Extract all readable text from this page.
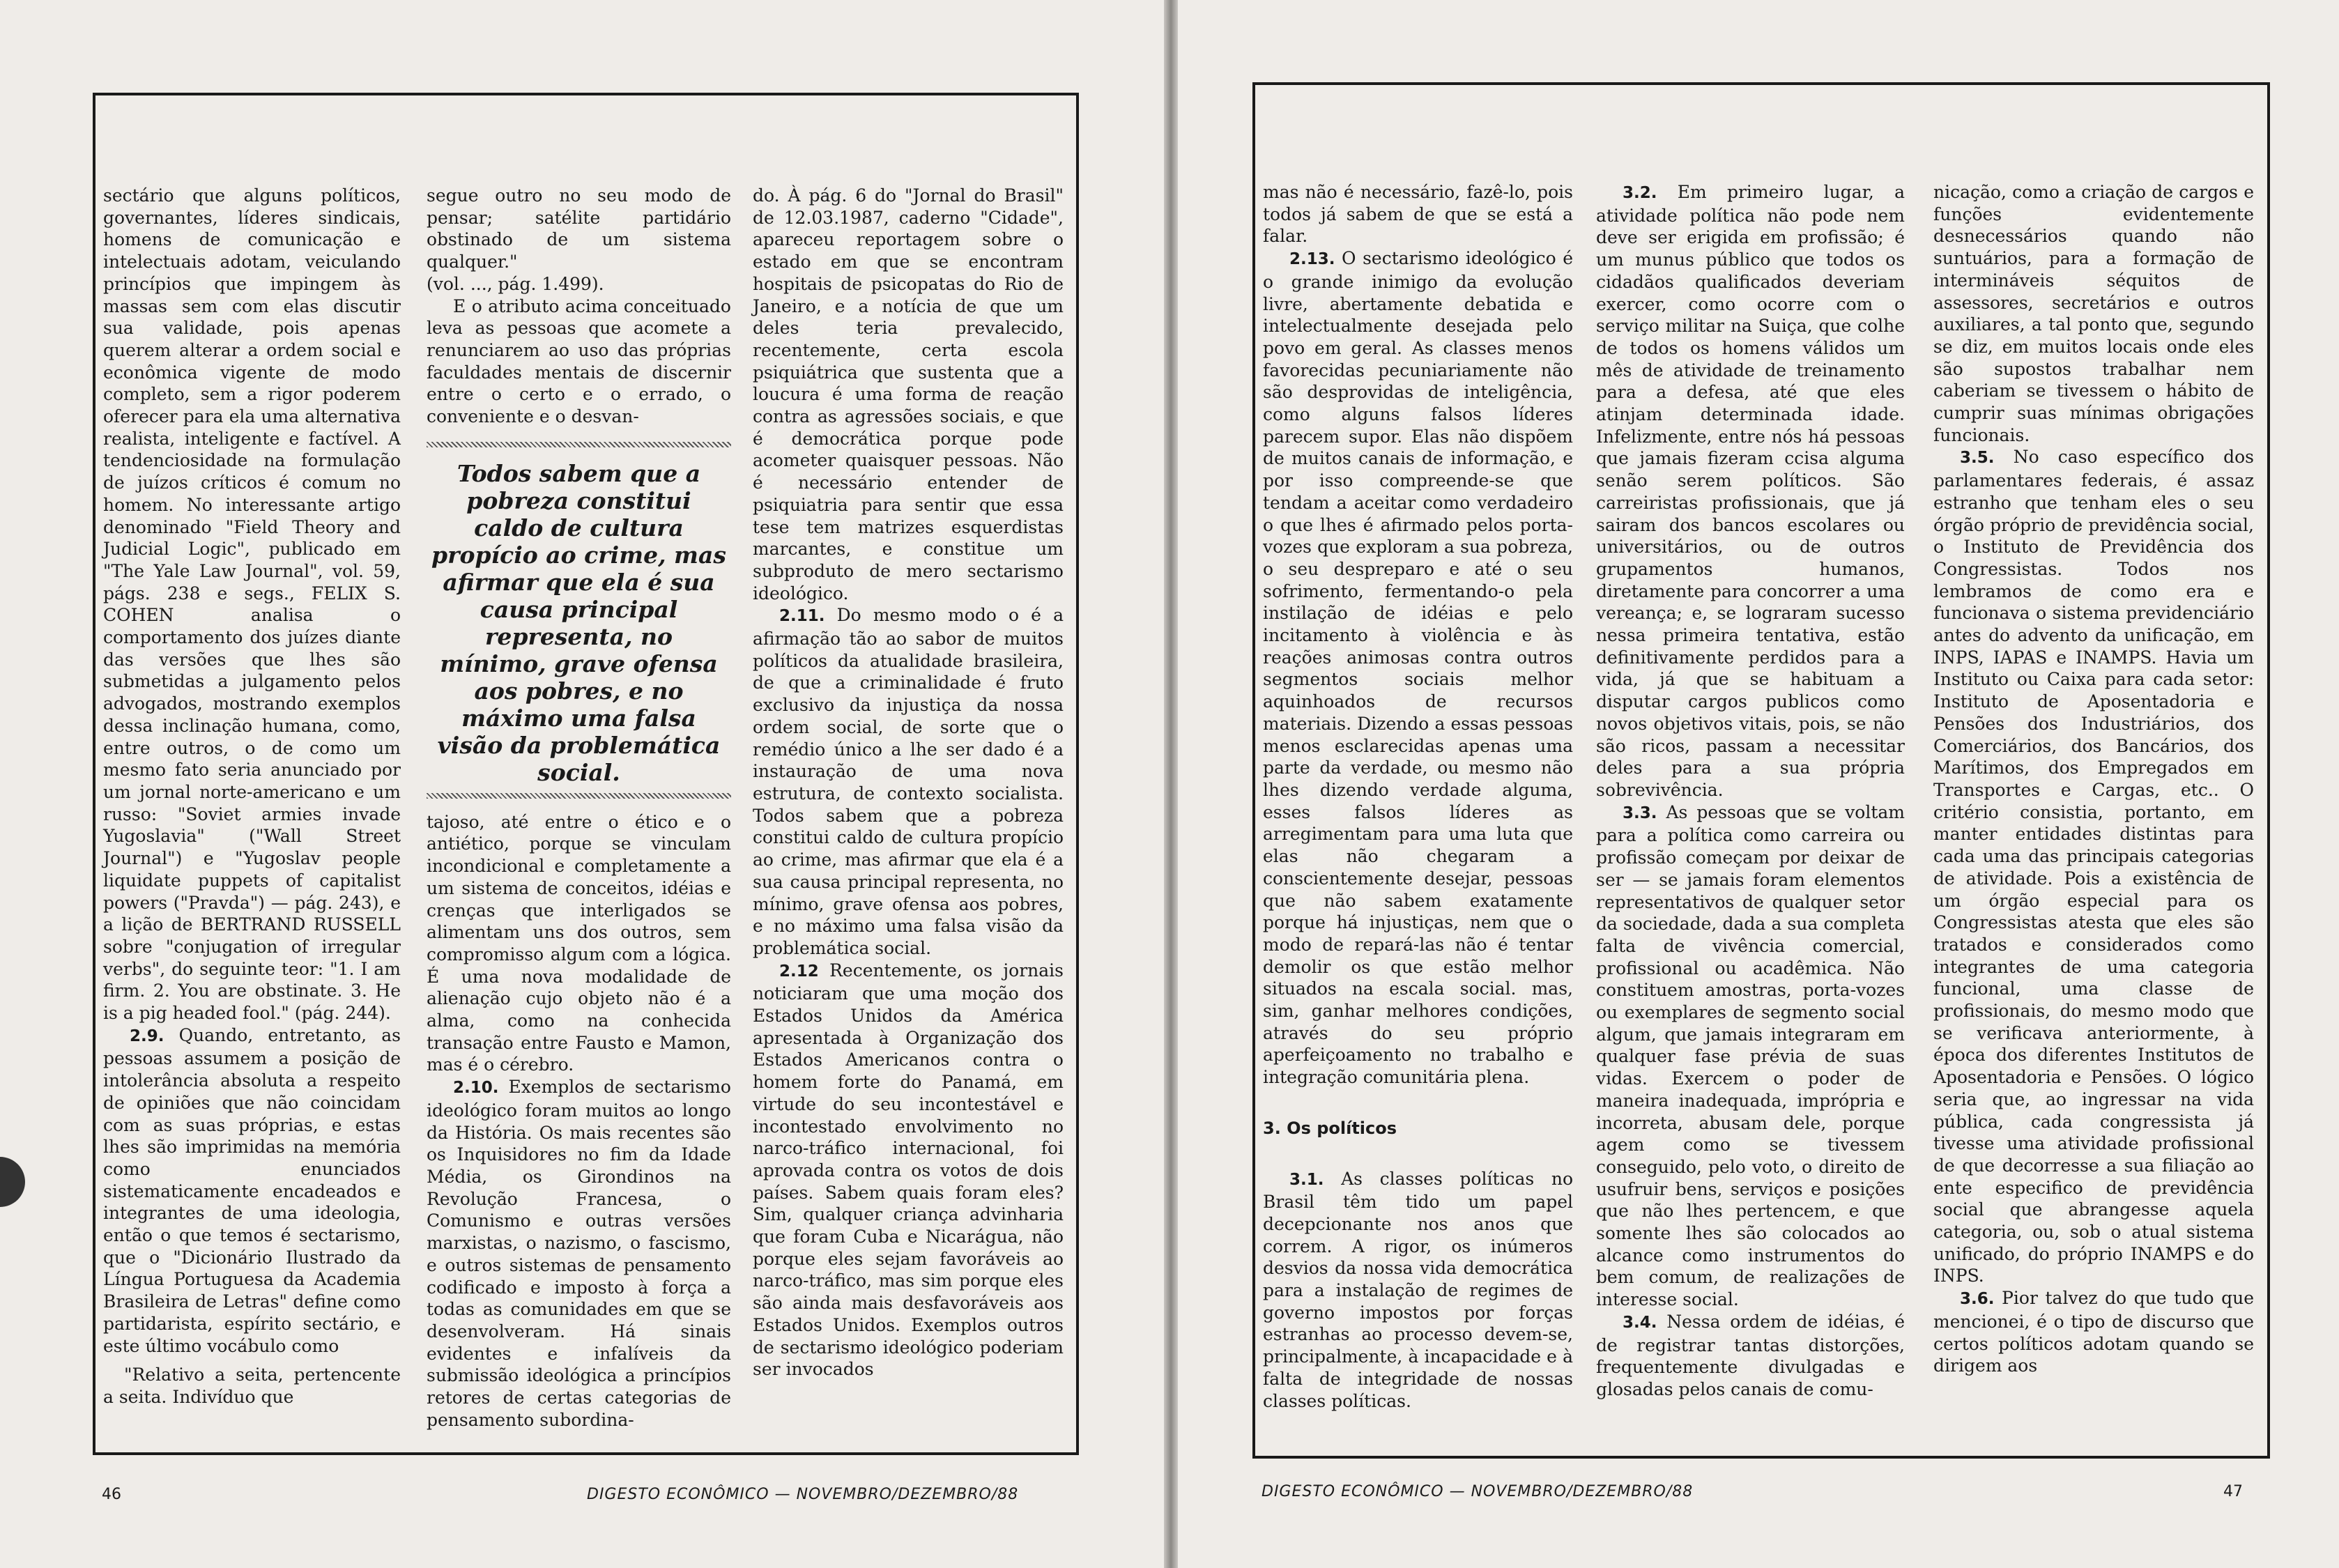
sectário que alguns políticos, governantes, líderes sindicais, homens de comunicação e intelectuais adotam, veiculando princípios que impingem às massas sem com elas discutir sua validade, pois apenas querem alterar a ordem social e econômica vigente de modo completo, sem a rigor poderem oferecer para ela uma alternativa realista, inteligente e factível. A tendenciosidade na formulação de juízos críticos é comum no homem. No interessante artigo denominado "Field Theory and Judicial Logic", publicado em "The Yale Law Journal", vol. 59, págs. 238 e segs., FELIX S. COHEN analisa o comportamento dos juízes diante das versões que lhes são submetidas a julgamento pelos advogados, mostrando exemplos dessa inclinação humana, como, entre outros, o de como um mesmo fato seria anunciado por um jornal norte-americano e um russo: "Soviet armies invade Yugoslavia" ("Wall Street Journal") e "Yugoslav people liquidate puppets of capitalist powers ("Pravda") — pág. 243), e a lição de BERTRAND RUSSELL sobre "conjugation of irregular verbs", do seguinte teor: "1. I am firm. 2. You are obstinate. 3. He is a pig headed fool." (pág. 244).

2.9. Quando, entretanto, as pessoas assumem a posição de intolerância absoluta a respeito de opiniões que não coincidam com as suas próprias, e estas lhes são imprimidas na memória como enunciados sistematicamente encadeados e integrantes de uma ideologia, então o que temos é sectarismo, que o "Dicionário Ilustrado da Língua Portuguesa da Academia Brasileira de Letras" define como partidarista, espírito sectário, e este último vocábulo como

"Relativo a seita, pertencente a seita. Indivíduo que

segue outro no seu modo de pensar; satélite partidário obstinado de um sistema qualquer."

(vol. ..., pág. 1.499).

E o atributo acima conceituado leva as pessoas que acomete a renunciarem ao uso das próprias faculdades mentais de discernir entre o certo e o errado, o conveniente e o desvan-

Todos sabem que a pobreza constitui caldo de cultura propício ao crime, mas afirmar que ela é sua causa principal representa, no mínimo, grave ofensa aos pobres, e no máximo uma falsa visão da problemática social.

tajoso, até entre o ético e o antiético, porque se vinculam incondicional e completamente a um sistema de conceitos, idéias e crenças que interligados se alimentam uns dos outros, sem compromisso algum com a lógica. É uma nova modalidade de alienação cujo objeto não é a alma, como na conhecida transação entre Fausto e Mamon, mas é o cérebro.

2.10. Exemplos de sectarismo ideológico foram muitos ao longo da História. Os mais recentes são os Inquisidores no fim da Idade Média, os Girondinos na Revolução Francesa, o Comunismo e outras versões marxistas, o nazismo, o fascismo, e outros sistemas de pensamento codificado e imposto à força a todas as comunidades em que se desenvolveram. Há sinais evidentes e infalíveis da submissão ideológica a princípios retores de certas categorias de pensamento subordina-

do. À pág. 6 do "Jornal do Brasil" de 12.03.1987, caderno "Cidade", apareceu reportagem sobre o estado em que se encontram hospitais de psicopatas do Rio de Janeiro, e a notícia de que um deles teria prevalecido, recentemente, certa escola psiquiátrica que sustenta que a loucura é uma forma de reação contra as agressões sociais, e que é democrática porque pode acometer quaisquer pessoas. Não é necessário entender de psiquiatria para sentir que essa tese tem matrizes esquerdistas marcantes, e constitue um subproduto de mero sectarismo ideológico.

2.11. Do mesmo modo o é a afirmação tão ao sabor de muitos políticos da atualidade brasileira, de que a criminalidade é fruto exclusivo da injustiça da nossa ordem social, de sorte que o remédio único a lhe ser dado é a instauração de uma nova estrutura, de contexto socialista. Todos sabem que a pobreza constitui caldo de cultura propício ao crime, mas afirmar que ela é a sua causa principal representa, no mínimo, grave ofensa aos pobres, e no máximo uma falsa visão da problemática social.

2.12 Recentemente, os jornais noticiaram que uma moção dos Estados Unidos da América apresentada à Organização dos Estados Americanos contra o homem forte do Panamá, em virtude do seu incontestável e incontestado envolvimento no narco-tráfico internacional, foi aprovada contra os votos de dois países. Sabem quais foram eles? Sim, qualquer criança advinharia que foram Cuba e Nicarágua, não porque eles sejam favoráveis ao narco-tráfico, mas sim porque eles são ainda mais desfavoráveis aos Estados Unidos. Exemplos outros de sectarismo ideológico poderiam ser invocados

46	DIGESTO ECONÔMICO — NOVEMBRO/DEZEMBRO/88

mas não é necessário, fazê-lo, pois todos já sabem de que se está a falar.

2.13. O sectarismo ideológico é o grande inimigo da evolução livre, abertamente debatida e intelectualmente desejada pelo povo em geral. As classes menos favorecidas pecuniariamente não são desprovidas de inteligência, como alguns falsos líderes parecem supor. Elas não dispõem de muitos canais de informação, e por isso compreende-se que tendam a aceitar como verdadeiro o que lhes é afirmado pelos porta-vozes que exploram a sua pobreza, o seu despreparo e até o seu sofrimento, fermentando-o pela instilação de idéias e pelo incitamento à violência e às reações animosas contra outros segmentos sociais melhor aquinhoados de recursos materiais. Dizendo a essas pessoas menos esclarecidas apenas uma parte da verdade, ou mesmo não lhes dizendo verdade alguma, esses falsos líderes as arregimentam para uma luta que elas não chegaram a conscientemente desejar, pessoas que não sabem exatamente porque há injustiças, nem que o modo de repará-las não é tentar demolir os que estão melhor situados na escala social. mas, sim, ganhar melhores condições, através do seu próprio aperfeiçoamento no trabalho e integração comunitária plena.

3. Os políticos

3.1. As classes políticas no Brasil têm tido um papel decepcionante nos anos que correm. A rigor, os inúmeros desvios da nossa vida democrática para a instalação de regimes de governo impostos por forças estranhas ao processo devem-se, principalmente, à incapacidade e à falta de integridade de nossas classes políticas.

3.2. Em primeiro lugar, a atividade política não pode nem deve ser erigida em profissão; é um munus público que todos os cidadãos qualificados deveriam exercer, como ocorre com o serviço militar na Suiça, que colhe de todos os homens válidos um mês de atividade de treinamento para a defesa, até que eles atinjam determinada idade. Infelizmente, entre nós há pessoas que jamais fizeram ccisa alguma senão serem políticos. São carreiristas profissionais, que já sairam dos bancos escolares ou universitários, ou de outros grupamentos humanos, diretamente para concorrer a uma vereança; e, se lograram sucesso nessa primeira tentativa, estão definitivamente perdidos para a vida, já que se habituam a disputar cargos publicos como novos objetivos vitais, pois, se não são ricos, passam a necessitar deles para a sua própria sobrevivência.

3.3. As pessoas que se voltam para a política como carreira ou profissão começam por deixar de ser — se jamais foram elementos representativos de qualquer setor da sociedade, dada a sua completa falta de vivência comercial, profissional ou acadêmica. Não constituem amostras, porta-vozes ou exemplares de segmento social algum, que jamais integraram em qualquer fase prévia de suas vidas. Exercem o poder de maneira inadequada, imprópria e incorreta, abusam dele, porque agem como se tivessem conseguido, pelo voto, o direito de usufruir bens, serviços e posições que não lhes pertencem, e que somente lhes são colocados ao alcance como instrumentos do bem comum, de realizações de interesse social.

3.4. Nessa ordem de idéias, é de registrar tantas distorções, frequentemente divulgadas e glosadas pelos canais de comu-

nicação, como a criação de cargos e funções evidentemente desnecessários quando não suntuários, para a formação de intermináveis séquitos de assessores, secretários e outros auxiliares, a tal ponto que, segundo se diz, em muitos locais onde eles são supostos trabalhar nem caberiam se tivessem o hábito de cumprir suas mínimas obrigações funcionais.

3.5. No caso específico dos parlamentares federais, é assaz estranho que tenham eles o seu órgão próprio de previdência social, o Instituto de Previdência dos Congressistas. Todos nos lembramos de como era e funcionava o sistema previdenciário antes do advento da unificação, em INPS, IAPAS e INAMPS. Havia um Instituto ou Caixa para cada setor: Instituto de Aposentadoria e Pensões dos Industriários, dos Comerciários, dos Bancários, dos Marítimos, dos Empregados em Transportes e Cargas, etc.. O critério consistia, portanto, em manter entidades distintas para cada uma das principais categorias de atividade. Pois a existência de um órgão especial para os Congressistas atesta que eles são tratados e considerados como integrantes de uma categoria funcional, uma classe de profissionais, do mesmo modo que se verificava anteriormente, à época dos diferentes Institutos de Aposentadoria e Pensões. O lógico seria que, ao ingressar na vida pública, cada congressista já tivesse uma atividade profissional de que decorresse a sua filiação ao ente especifico de previdência social que abrangesse aquela categoria, ou, sob o atual sistema unificado, do próprio INAMPS e do INPS.

3.6. Pior talvez do que tudo que mencionei, é o tipo de discurso que certos políticos adotam quando se dirigem aos

DIGESTO ECONÔMICO — NOVEMBRO/DEZEMBRO/88	47
